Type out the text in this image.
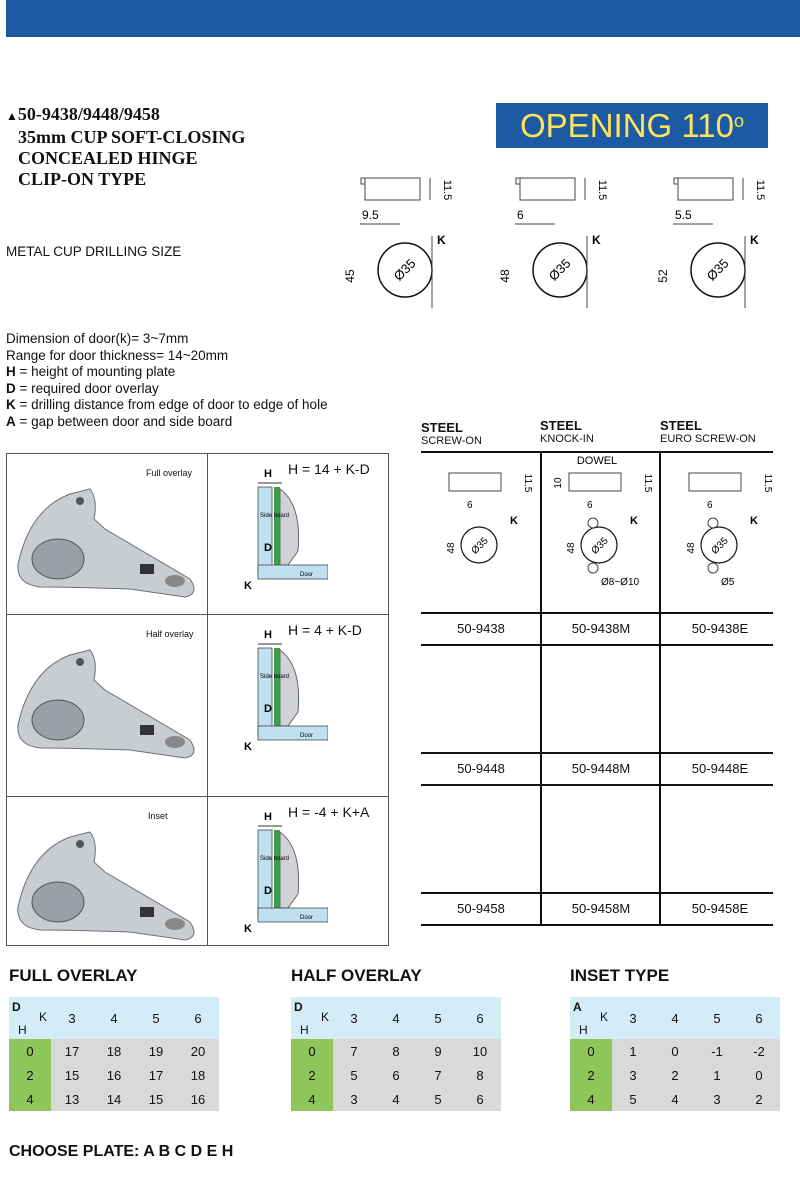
▲50-9438/9448/9458
35mm CUP SOFT-CLOSING
CONCEALED HINGE
CLIP-ON TYPE
OPENING 110$^o$
METAL CUP DRILLING SIZE
11.5
9.5
Ø35
K
45
11.5
6
Ø35
K
48
11.5
5.5
Ø35
K
52
Dimension of door(k)= 3~7mm
Range for door thickness= 14~20mm
H = height of mounting plate
D = required door overlay
K = drilling distance from edge of door to edge of hole
A = gap between door and side board
Full overlay	H = 14 + K-D
H
Side board
D
K
Door
Half overlay	H = 4 + K-D
H
Side board
D
K
Door
Inset	H = -4 + K+A
H
Side board
D
K
Door
STEEL
SCREW-ON
STEEL
KNOCK-IN
STEEL
EURO SCREW-ON
11.5
6
Ø35
K
48
DOWEL
11.5
10
6
Ø35
K
48
Ø8~Ø10
11.5
6
Ø35
K
48
Ø5
50-9438	50-9438M	50-9438E
50-9448	50-9448M	50-9448E
50-9458	50-9458M	50-9458E
FULL OVERLAY
D
K
H	3	4	5	6
0	17	18	19	20
2	15	16	17	18
4	13	14	15	16
HALF OVERLAY
D
K
H	3	4	5	6
0	7	8	9	10
2	5	6	7	8
4	3	4	5	6
INSET TYPE
A
K
H	3	4	5	6
0	1	0	-1	-2
2	3	2	1	0
4	5	4	3	2
CHOOSE PLATE: A B C D E H
